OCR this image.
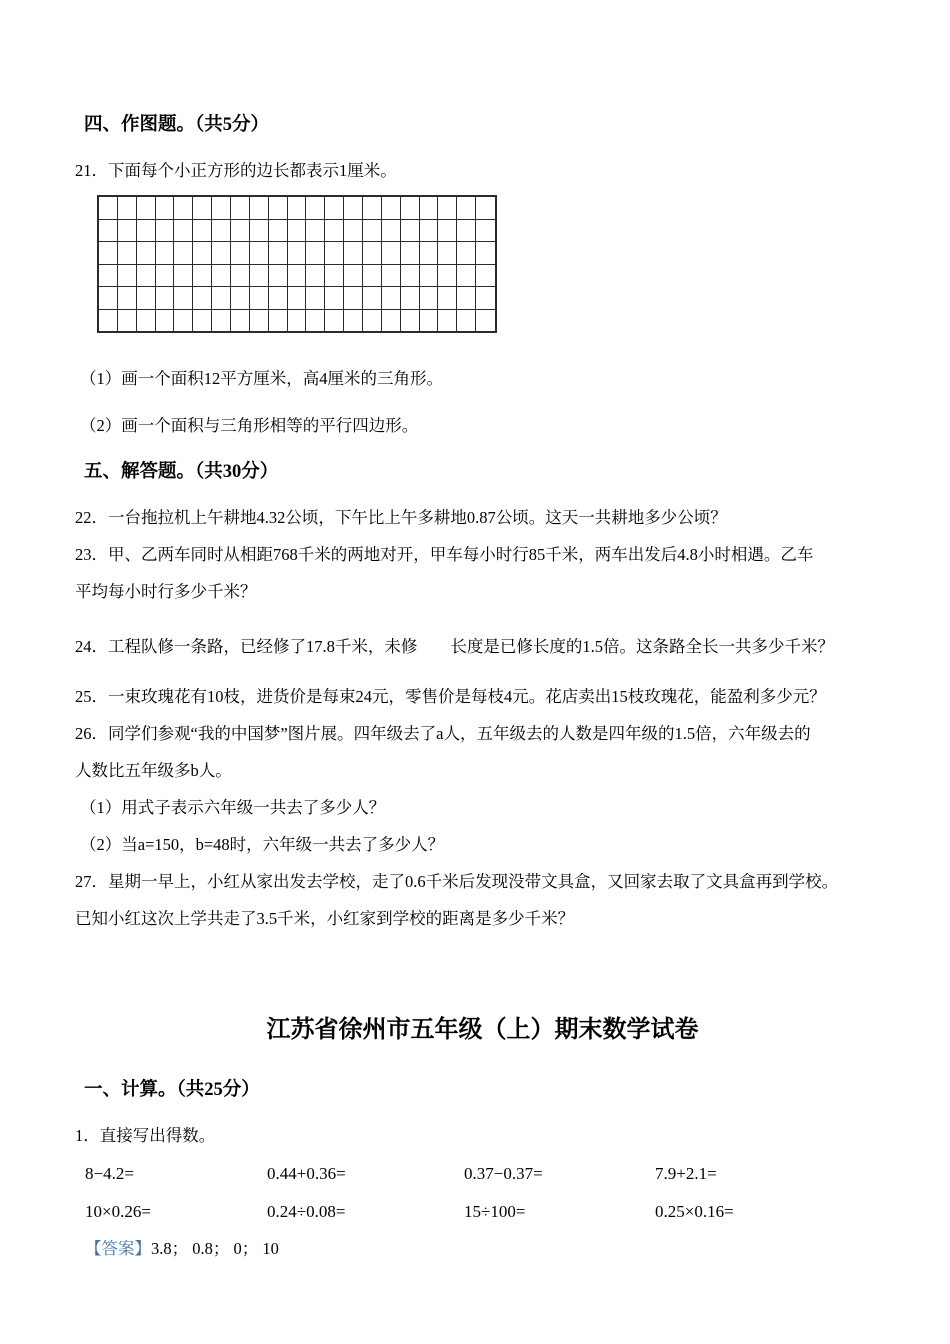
四、作图题。（共5分）

21．下面每个小正方形的边长都表示1厘米。

（1）画一个面积12平方厘米，高4厘米的三角形。

（2）画一个面积与三角形相等的平行四边形。

五、解答题。（共30分）

22．一台拖拉机上午耕地4.32公顷，下午比上午多耕地0.87公顷。这天一共耕地多少公顷？

23．甲、乙两车同时从相距768千米的两地对开，甲车每小时行85千米，两车出发后4.8小时相遇。乙车

平均每小时行多少千米？

24．工程队修一条路，已经修了17.8千米，未修　　长度是已修长度的1.5倍。这条路全长一共多少千米？

25．一束玫瑰花有10枝，进货价是每束24元，零售价是每枝4元。花店卖出15枝玫瑰花，能盈利多少元？

26．同学们参观“我的中国梦”图片展。四年级去了a人，五年级去的人数是四年级的1.5倍，六年级去的

人数比五年级多b人。

（1）用式子表示六年级一共去了多少人？

（2）当a=150，b=48时，六年级一共去了多少人？

27．星期一早上，小红从家出发去学校，走了0.6千米后发现没带文具盒，又回家去取了文具盒再到学校。

已知小红这次上学共走了3.5千米，小红家到学校的距离是多少千米？

江苏省徐州市五年级（上）期末数学试卷
一、计算。（共25分）

1．直接写出得数。

8−4.2=	0.44+0.36=	0.37−0.37=	7.9+2.1=
10×0.26=	0.24÷0.08=	15÷100=	0.25×0.16=

【答案】3.8； 0.8； 0； 10
